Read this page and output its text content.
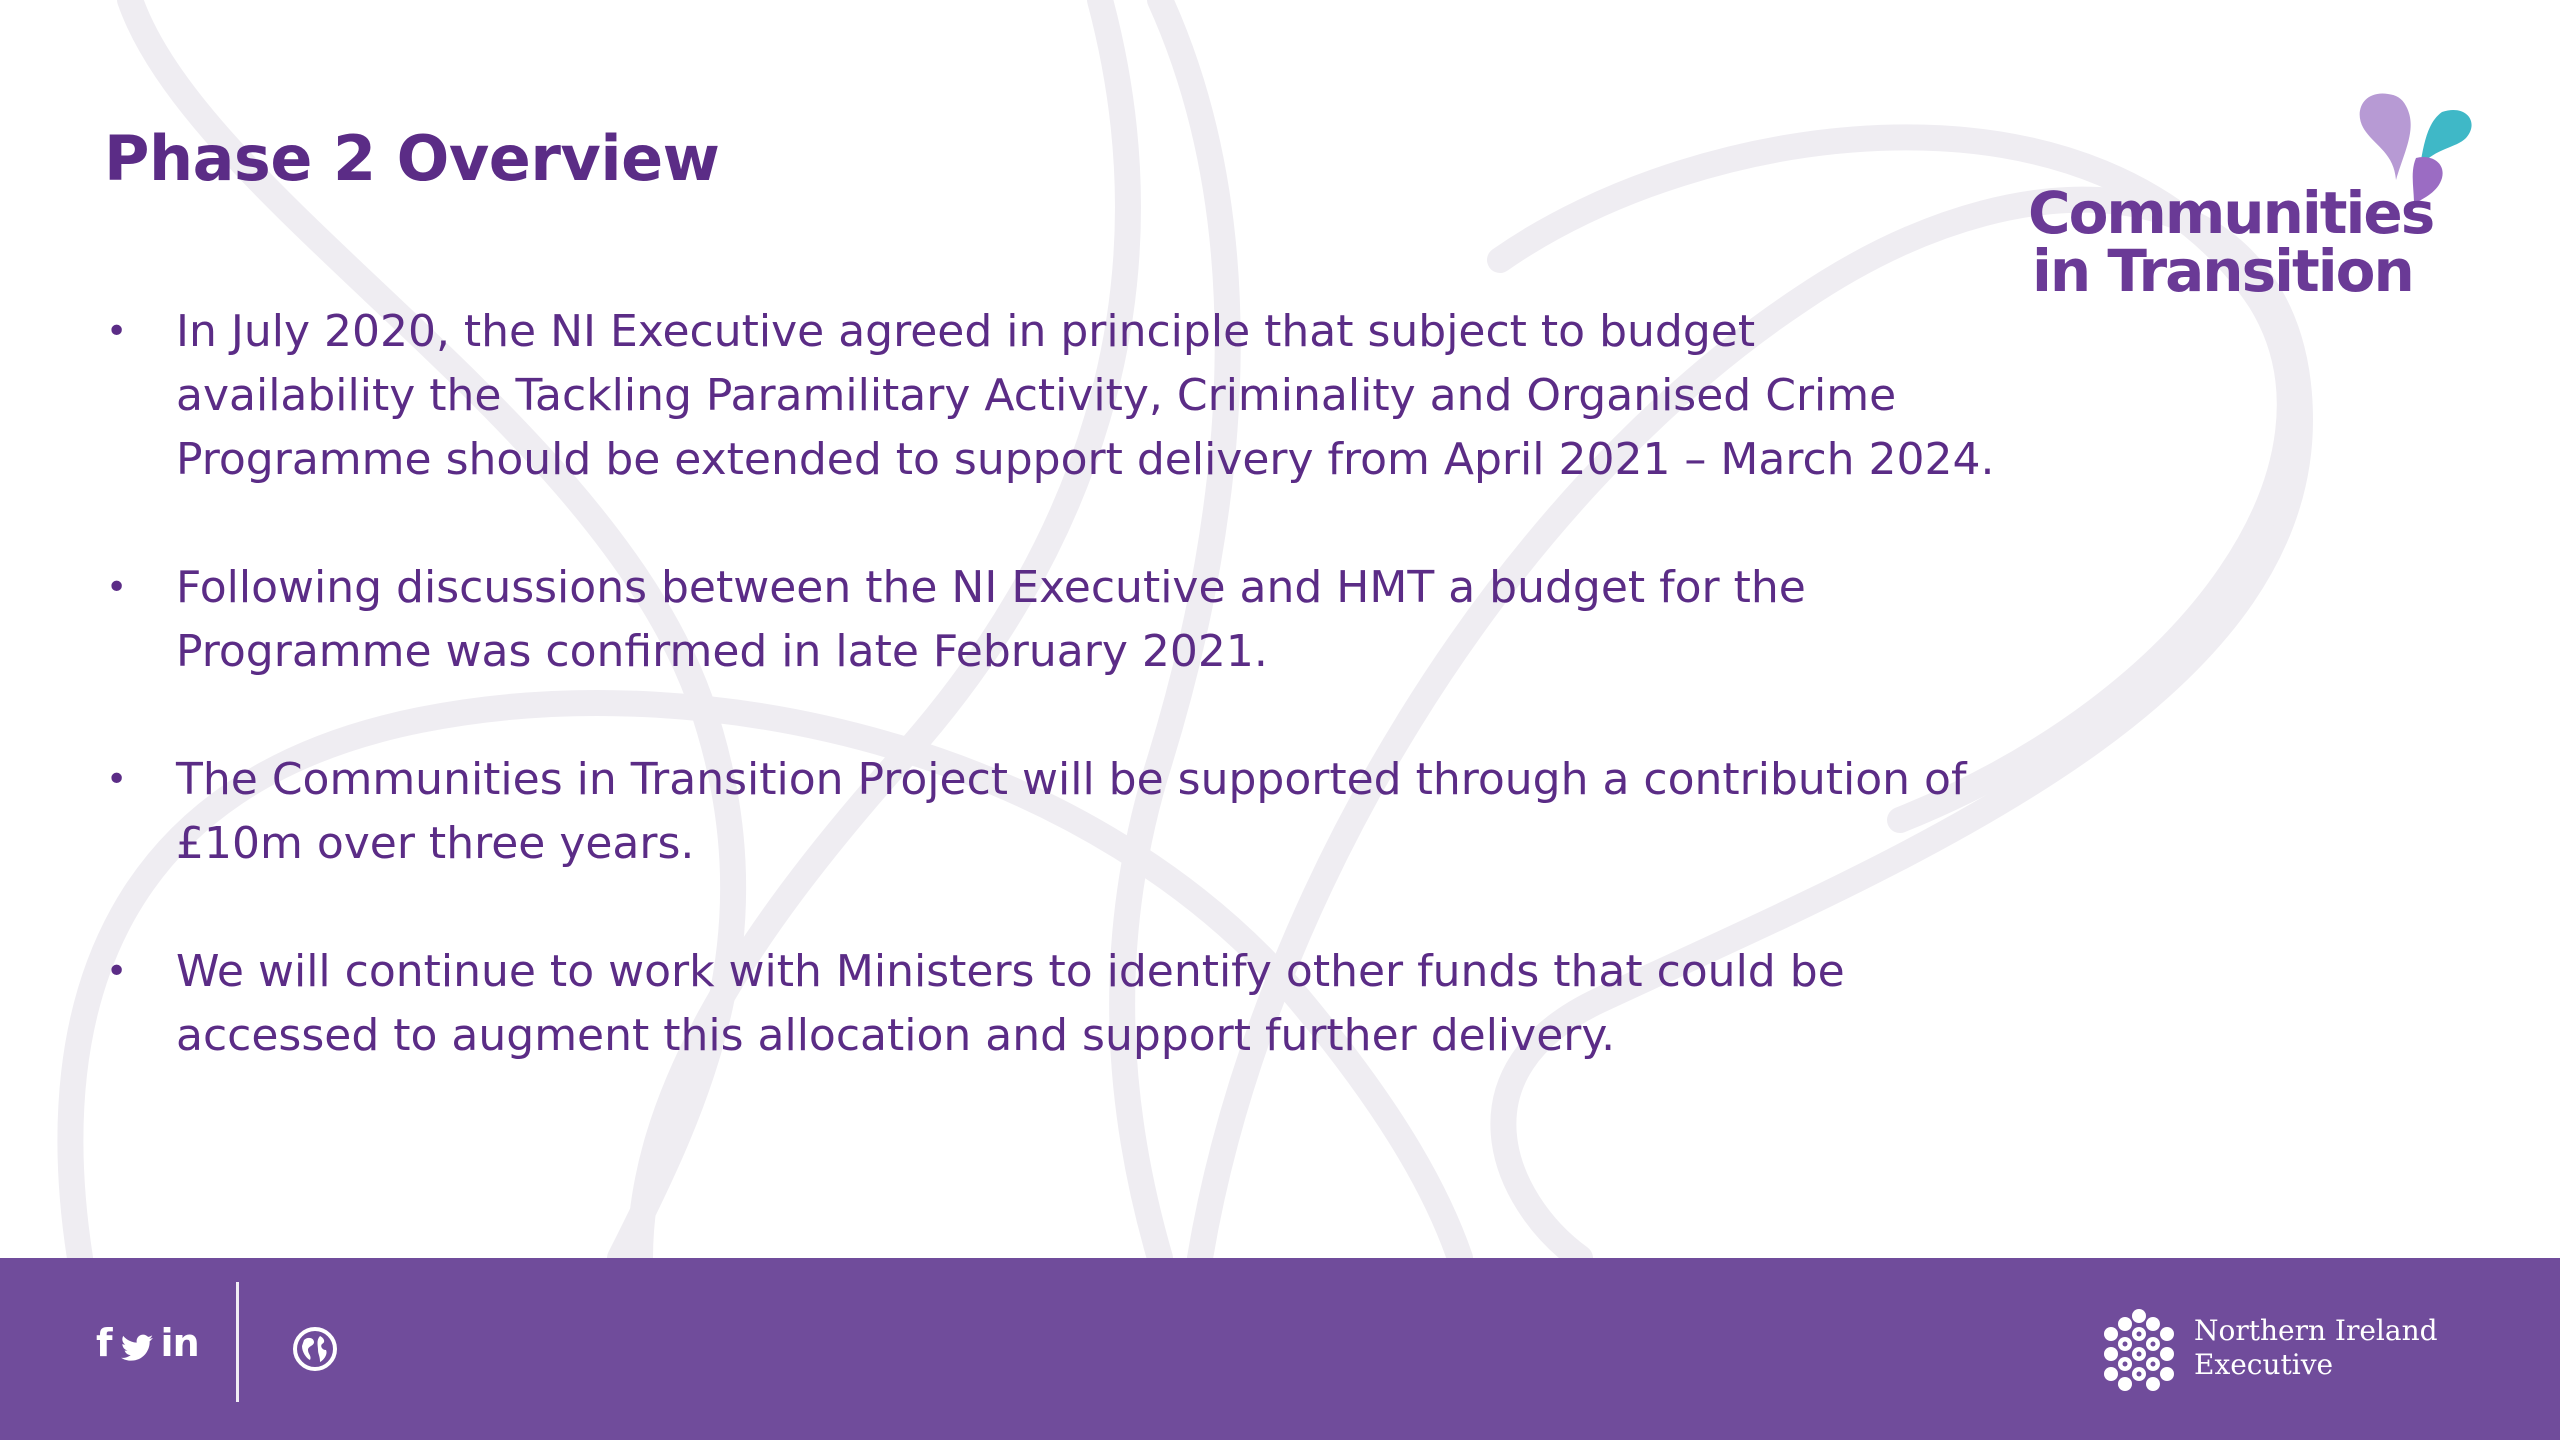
Phase 2 Overview
Communities
in Transition
• In July 2020, the NI Executive agreed in principle that subject to budget availability the Tackling Paramilitary Activity, Criminality and Organised Crime Programme should be extended to support delivery from April 2021 – March 2024.
• Following discussions between the NI Executive and HMT a budget for the Programme was confirmed in late February 2021.
• The Communities in Transition Project will be supported through a contribution of £10m over three years.
• We will continue to work with Ministers to identify other funds that could be accessed to augment this allocation and support further delivery.
f in	Northern Ireland
Executive
